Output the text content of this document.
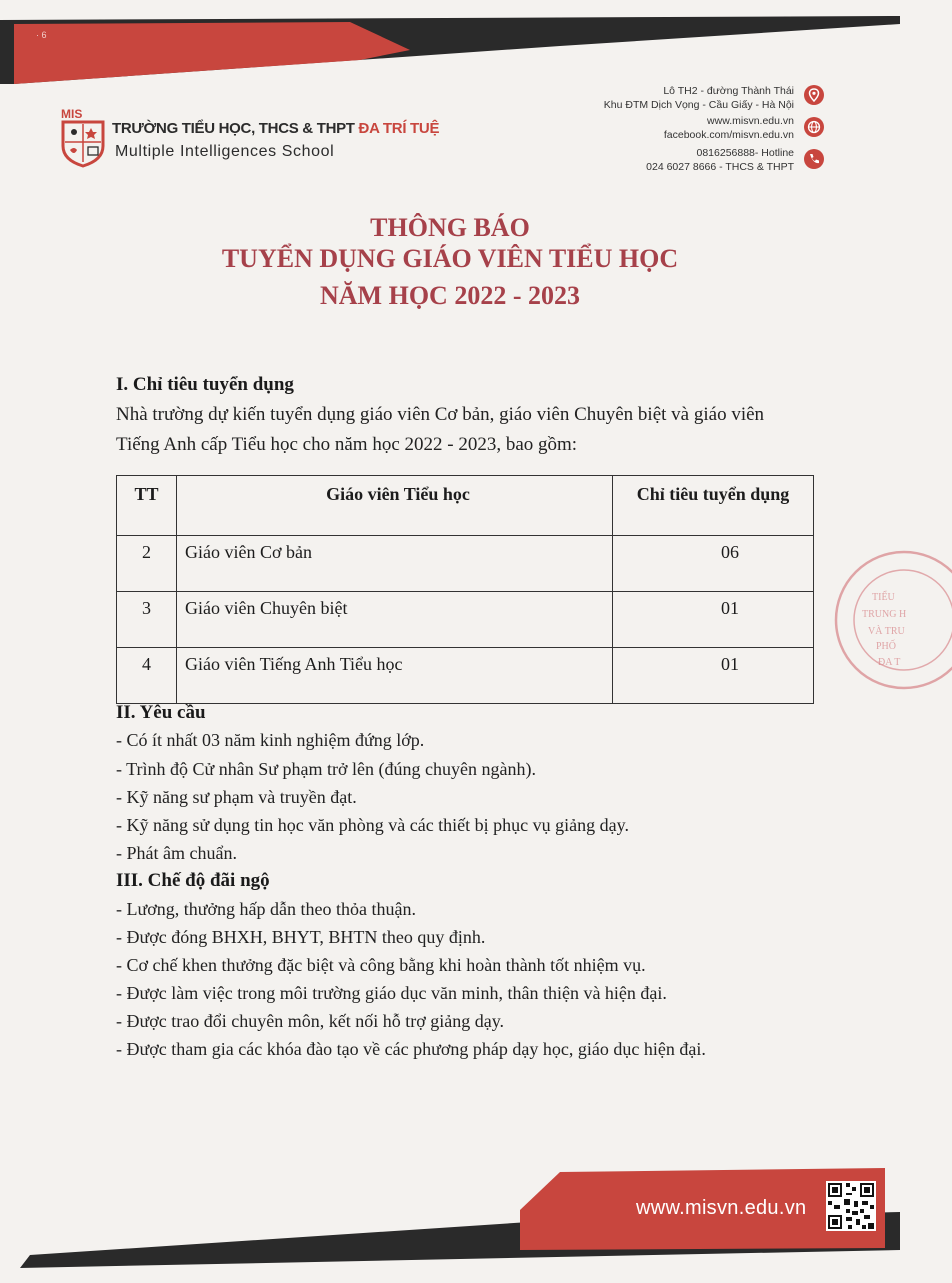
· 6
MIS
TRƯỜNG TIỂU HỌC, THCS & THPT ĐA TRÍ TUỆ
Multiple Intelligences School
Lô TH2 - đường Thành Thái
Khu ĐTM Dịch Vọng - Cầu Giấy - Hà Nội
www.misvn.edu.vn
facebook.com/misvn.edu.vn
0816256888- Hotline
024 6027 8666 - THCS & THPT
THÔNG BÁO
TUYỂN DỤNG GIÁO VIÊN TIỂU HỌC
NĂM HỌC 2022 - 2023
I. Chỉ tiêu tuyển dụng
Nhà trường dự kiến tuyển dụng giáo viên Cơ bản, giáo viên Chuyên biệt và giáo viên
Tiếng Anh cấp Tiểu học cho năm học 2022 - 2023, bao gồm:
TT	Giáo viên Tiểu học	Chỉ tiêu tuyển dụng
2	Giáo viên Cơ bản	06
3	Giáo viên Chuyên biệt	01
4	Giáo viên Tiếng Anh Tiểu học	01
TIỂU
TRUNG H
VÀ TRU
PHỐ
ĐA T
II. Yêu cầu
- Có ít nhất 03 năm kinh nghiệm đứng lớp.
- Trình độ Cử nhân Sư phạm trở lên (đúng chuyên ngành).
- Kỹ năng sư phạm và truyền đạt.
- Kỹ năng sử dụng tin học văn phòng và các thiết bị phục vụ giảng dạy.
- Phát âm chuẩn.
III. Chế độ đãi ngộ
- Lương, thưởng hấp dẫn theo thỏa thuận.
- Được đóng BHXH, BHYT, BHTN theo quy định.
- Cơ chế khen thưởng đặc biệt và công bằng khi hoàn thành tốt nhiệm vụ.
- Được làm việc trong môi trường giáo dục văn minh, thân thiện và hiện đại.
- Được trao đổi chuyên môn, kết nối hỗ trợ giảng dạy.
- Được tham gia các khóa đào tạo về các phương pháp dạy học, giáo dục hiện đại.
www.misvn.edu.vn
